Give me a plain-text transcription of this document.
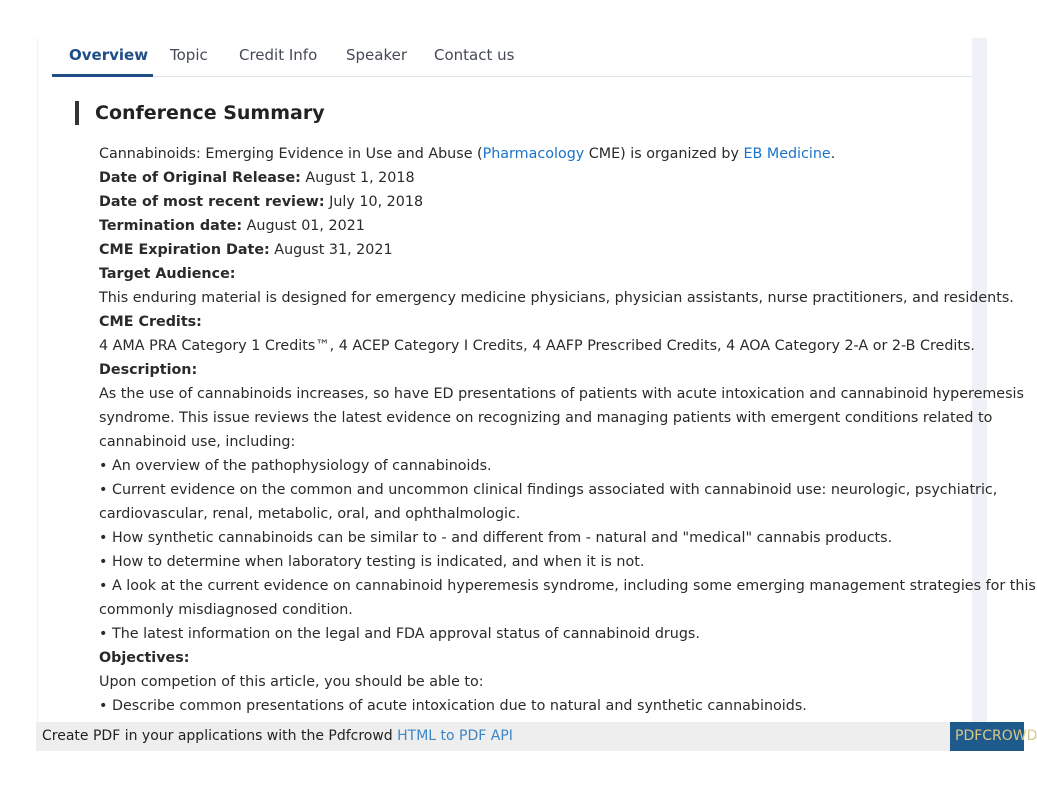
Overview Topic Credit Info Speaker Contact us
Conference Summary
Cannabinoids: Emerging Evidence in Use and Abuse (Pharmacology CME) is organized by EB Medicine.
Date of Original Release: August 1, 2018
Date of most recent review: July 10, 2018
Termination date: August 01, 2021
CME Expiration Date: August 31, 2021
Target Audience:
This enduring material is designed for emergency medicine physicians, physician assistants, nurse practitioners, and residents.
CME Credits:
4 AMA PRA Category 1 Credits™, 4 ACEP Category I Credits, 4 AAFP Prescribed Credits, 4 AOA Category 2-A or 2-B Credits.
Description:
As the use of cannabinoids increases, so have ED presentations of patients with acute intoxication and cannabinoid hyperemesis
syndrome. This issue reviews the latest evidence on recognizing and managing patients with emergent conditions related to
cannabinoid use, including:
• An overview of the pathophysiology of cannabinoids.
• Current evidence on the common and uncommon clinical findings associated with cannabinoid use: neurologic, psychiatric,
cardiovascular, renal, metabolic, oral, and ophthalmologic.
• How synthetic cannabinoids can be similar to - and different from - natural and "medical" cannabis products.
• How to determine when laboratory testing is indicated, and when it is not.
• A look at the current evidence on cannabinoid hyperemesis syndrome, including some emerging management strategies for this
commonly misdiagnosed condition.
• The latest information on the legal and FDA approval status of cannabinoid drugs.
Objectives:
Upon competion of this article, you should be able to:
• Describe common presentations of acute intoxication due to natural and synthetic cannabinoids.
Create PDF in your applications with the Pdfcrowd HTML to PDF API	PDFCROWD
